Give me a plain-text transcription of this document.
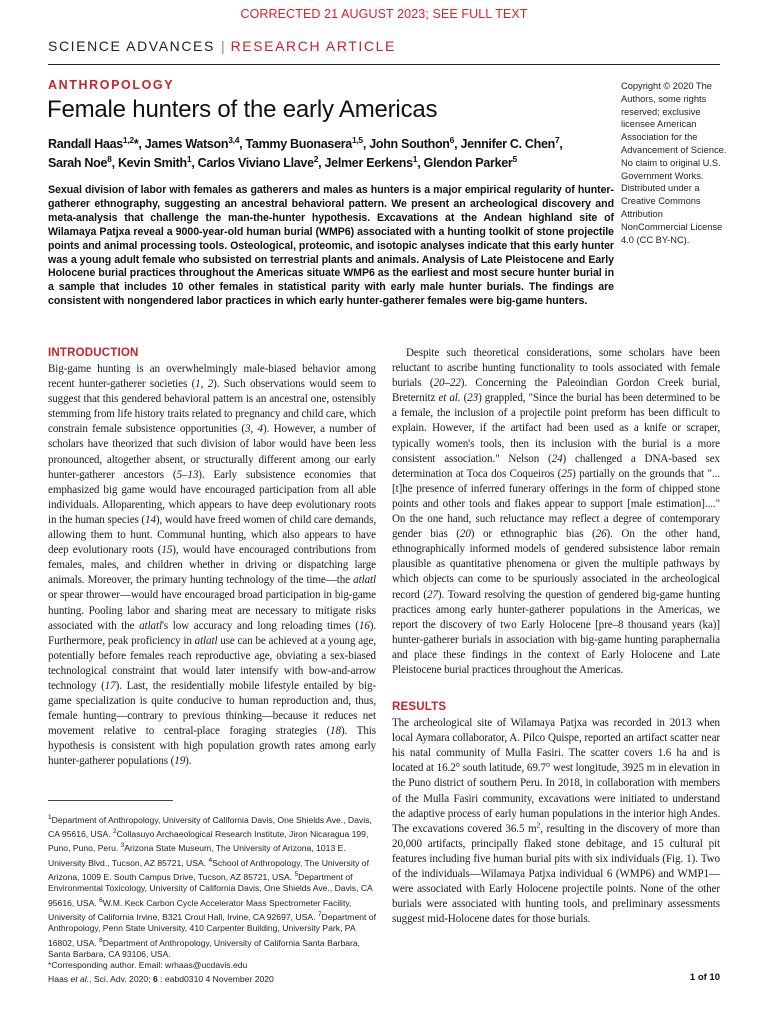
CORRECTED 21 AUGUST 2023; SEE FULL TEXT
SCIENCE ADVANCES | RESEARCH ARTICLE
ANTHROPOLOGY
Female hunters of the early Americas
Randall Haas$^{1,2}$*, James Watson$^{3,4}$, Tammy Buonasera$^{1,5}$, John Southon$^6$, Jennifer C. Chen$^7$, Sarah Noe$^8$, Kevin Smith$^1$, Carlos Viviano Llave$^2$, Jelmer Eerkens$^1$, Glendon Parker$^5$
Copyright © 2020 The Authors, some rights reserved; exclusive licensee American Association for the Advancement of Science. No claim to original U.S. Government Works. Distributed under a Creative Commons Attribution NonCommercial License 4.0 (CC BY-NC).
Sexual division of labor with females as gatherers and males as hunters is a major empirical regularity of hunter-gatherer ethnography, suggesting an ancestral behavioral pattern. We present an archeological discovery and meta-analysis that challenge the man-the-hunter hypothesis. Excavations at the Andean highland site of Wilamaya Patjxa reveal a 9000-year-old human burial (WMP6) associated with a hunting toolkit of stone projectile points and animal processing tools. Osteological, proteomic, and isotopic analyses indicate that this early hunter was a young adult female who subsisted on terrestrial plants and animals. Analysis of Late Pleistocene and Early Holocene burial practices throughout the Americas situate WMP6 as the earliest and most secure hunter burial in a sample that includes 10 other females in statistical parity with early male hunter burials. The findings are consistent with nongendered labor practices in which early hunter-gatherer females were big-game hunters.
INTRODUCTION

Big-game hunting is an overwhelmingly male-biased behavior among recent hunter-gatherer societies (1, 2). Such observations would seem to suggest that this gendered behavioral pattern is an ancestral one, ostensibly stemming from life history traits related to pregnancy and child care, which constrain female subsistence opportunities (3, 4). However, a number of scholars have theorized that such division of labor would have been less pronounced, altogether absent, or structurally different among our early hunter-gatherer ancestors (5–13). Early subsistence economies that emphasized big game would have encouraged participation from all able individuals. Alloparenting, which appears to have deep evolutionary roots in the human species (14), would have freed women of child care demands, allowing them to hunt. Communal hunting, which also appears to have deep evolutionary roots (15), would have encouraged contributions from females, males, and children whether in driving or dispatching large animals. Moreover, the primary hunting technology of the time—the atlatl or spear thrower—would have encouraged broad participation in big-game hunting. Pooling labor and sharing meat are necessary to mitigate risks associated with the atlatl's low accuracy and long reloading times (16). Furthermore, peak proficiency in atlatl use can be achieved at a young age, potentially before females reach reproductive age, obviating a sex-biased technological constraint that would later intensify with bow-and-arrow technology (17). Last, the residentially mobile lifestyle entailed by big-game specialization is quite conducive to human reproduction and, thus, female hunting—contrary to previous thinking—because it reduces net movement relative to central-place foraging strategies (18). This hypothesis is consistent with high population growth rates among early hunter-gatherer populations (19).

Despite such theoretical considerations, some scholars have been reluctant to ascribe hunting functionality to tools associated with female burials (20–22). Concerning the Paleoindian Gordon Creek burial, Breternitz et al. (23) grappled, "Since the burial has been determined to be a female, the inclusion of a projectile point preform has been difficult to explain. However, if the artifact had been used as a knife or scraper, typically women's tools, then its inclusion with the burial is a more consistent association." Nelson (24) challenged a DNA-based sex determination at Toca dos Coqueiros (25) partially on the grounds that "...[t]he presence of inferred funerary offerings in the form of chipped stone points and other tools and flakes appear to support [male estimation]...." On the one hand, such reluctance may reflect a degree of contemporary gender bias (20) or ethnographic bias (26). On the other hand, ethnographically informed models of gendered subsistence labor remain plausible as quantitative phenomena or given the multiple pathways by which objects can come to be spuriously associated in the archeological record (27). Toward resolving the question of gendered big-game hunting practices among early hunter-gatherer populations in the Americas, we report the discovery of two Early Holocene [pre–8 thousand years (ka)] hunter-gatherer burials in association with big-game hunting paraphernalia and place these findings in the context of Early Holocene and Late Pleistocene burial practices throughout the Americas.

RESULTS

The archeological site of Wilamaya Patjxa was recorded in 2013 when local Aymara collaborator, A. Pilco Quispe, reported an artifact scatter near his natal community of Mulla Fasiri. The scatter covers 1.6 ha and is located at 16.2° south latitude, 69.7° west longitude, 3925 m in elevation in the Puno district of southern Peru. In 2018, in collaboration with members of the Mulla Fasiri community, excavations were initiated to understand the adaptive process of early human populations in the interior high Andes. The excavations covered 36.5 $m^2$, resulting in the discovery of more than 20,000 artifacts, principally flaked stone debitage, and 15 cultural pit features including five human burial pits with six individuals (Fig. 1). Two of the individuals—Wilamaya Patjxa individual 6 (WMP6) and WMP1—were associated with Early Holocene projectile points. None of the other burials were associated with hunting tools, and preliminary assessments suggest mid-Holocene dates for those burials.

$^1$Department of Anthropology, University of California Davis, One Shields Ave., Davis, CA 95616, USA. $^2$Collasuyo Archaeological Research Institute, Jiron Nicaragua 199, Puno, Puno, Peru. $^3$Arizona State Museum, The University of Arizona, 1013 E. University Blvd., Tucson, AZ 85721, USA. $^4$School of Anthropology, The University of Arizona, 1009 E. South Campus Drive, Tucson, AZ 85721, USA. $^5$Department of Environmental Toxicology, University of California Davis, One Shields Ave., Davis, CA 95616, USA. $^6$W.M. Keck Carbon Cycle Accelerator Mass Spectrometer Facility, University of California Irvine, B321 Croul Hall, Irvine, CA 92697, USA. $^7$Department of Anthropology, Penn State University, 410 Carpenter Building, University Park, PA 16802, USA. $^8$Department of Anthropology, University of California Santa Barbara, Santa Barbara, CA 93106, USA.
*Corresponding author. Email: wrhaas@ucdavis.edu
Haas et al., Sci. Adv. 2020; 6 : eabd0310 4 November 2020	1 of 10
